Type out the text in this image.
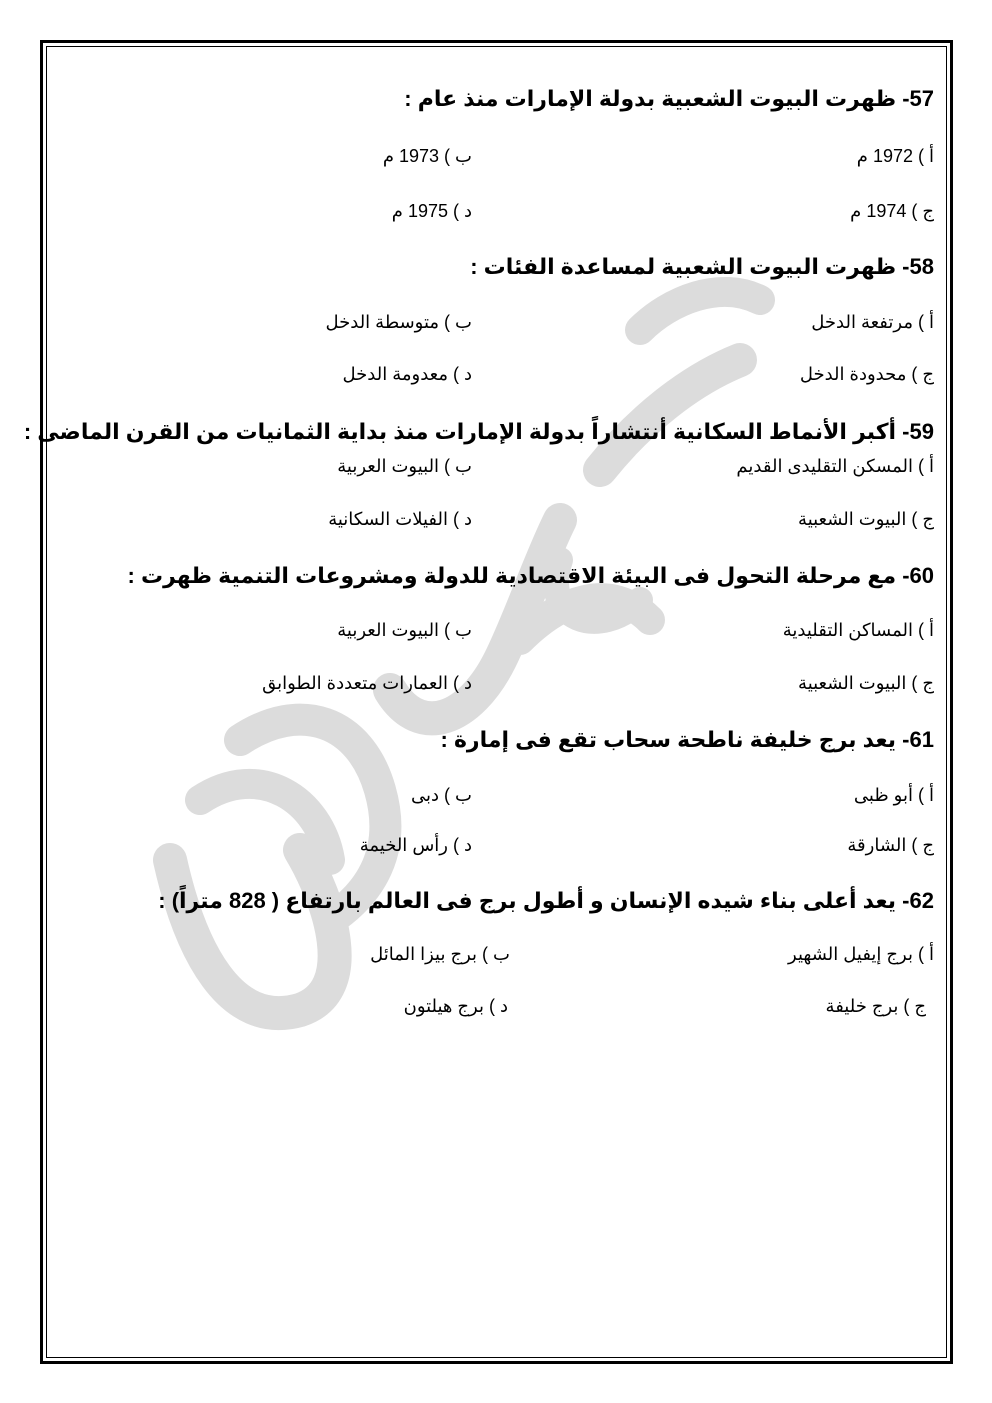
57- ظهرت البيوت الشعبية بدولة الإمارات منذ عام :
أ ) 1972 م
ب ) 1973 م
ج ) 1974 م
د ) 1975 م
58- ظهرت البيوت الشعبية لمساعدة الفئات :
أ ) مرتفعة الدخل
ب ) متوسطة الدخل
ج ) محدودة الدخل
د ) معدومة الدخل
59- أكبر الأنماط السكانية أنتشاراً بدولة الإمارات منذ بداية الثمانيات من القرن الماضى :
أ ) المسكن التقليدى القديم
ب ) البيوت العربية
ج ) البيوت الشعبية
د ) الفيلات السكانية
60- مع مرحلة التحول فى البيئة الاقتصادية للدولة ومشروعات التنمية ظهرت :
أ ) المساكن التقليدية
ب ) البيوت العربية
ج ) البيوت الشعبية
د ) العمارات متعددة الطوابق
61- يعد برج خليفة ناطحة سحاب تقع فى إمارة :
أ ) أبو ظبى
ب ) دبى
ج ) الشارقة
د ) رأس الخيمة
62- يعد أعلى بناء شيده الإنسان و أطول برج فى العالم بارتفاع ( 828 متراً) :
أ ) برج إيفيل الشهير
ب ) برج بيزا المائل
ج ) برج خليفة
د ) برج هيلتون
